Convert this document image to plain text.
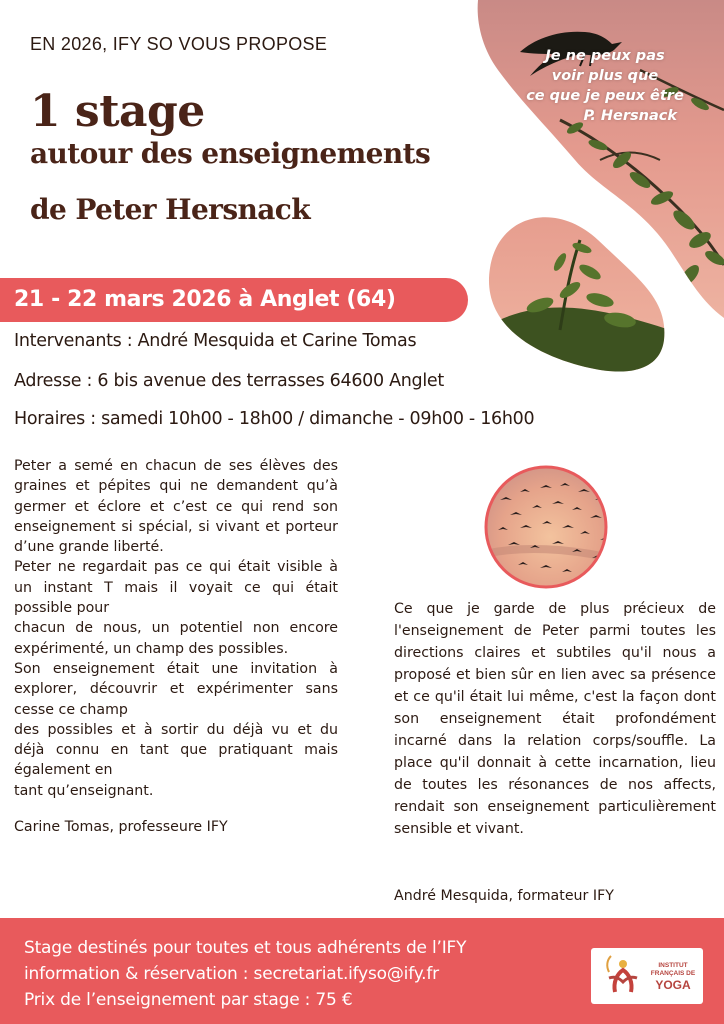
Je ne peux pas
voir plus que
ce que je peux être
P. Hersnack
EN 2026, IFY SO VOUS PROPOSE
1 stage
autour des enseignements
de Peter Hersnack
21 - 22 mars 2026 à Anglet (64)
Intervenants : André Mesquida et Carine Tomas
Adresse : 6 bis avenue des terrasses 64600 Anglet
Horaires : samedi 10h00 - 18h00 / dimanche - 09h00 - 16h00
Peter a semé en chacun de ses élèves des graines et pépites qui ne demandent qu’à germer et éclore et c’est ce qui rend son enseignement si spécial, si vivant et porteur d’une grande liberté.
Peter ne regardait pas ce qui était visible à un instant T mais il voyait ce qui était possible pour
chacun de nous, un potentiel non encore expérimenté, un champ des possibles.
Son enseignement était une invitation à explorer, découvrir et expérimenter sans cesse ce champ
des possibles et à sortir du déjà vu et du déjà connu en tant que pratiquant mais également en
tant qu’enseignant.
Carine Tomas, professeure IFY
Ce que je garde de plus précieux de l'enseignement de Peter parmi toutes les directions claires et subtiles qu'il nous a proposé et bien sûr en lien avec sa présence et ce qu'il était lui même, c'est la façon dont son enseignement était profondément incarné dans la relation corps/souffle. La place qu'il donnait à cette incarnation, lieu de toutes les résonances de nos affects, rendait son enseignement particulièrement sensible et vivant.
André Mesquida, formateur IFY
Stage destinés pour toutes et tous adhérents de l’IFY
information & réservation : secretariat.ifyso@ify.fr
Prix de l’enseignement par stage : 75 €
INSTITUT
FRANÇAIS DE
YOGA
